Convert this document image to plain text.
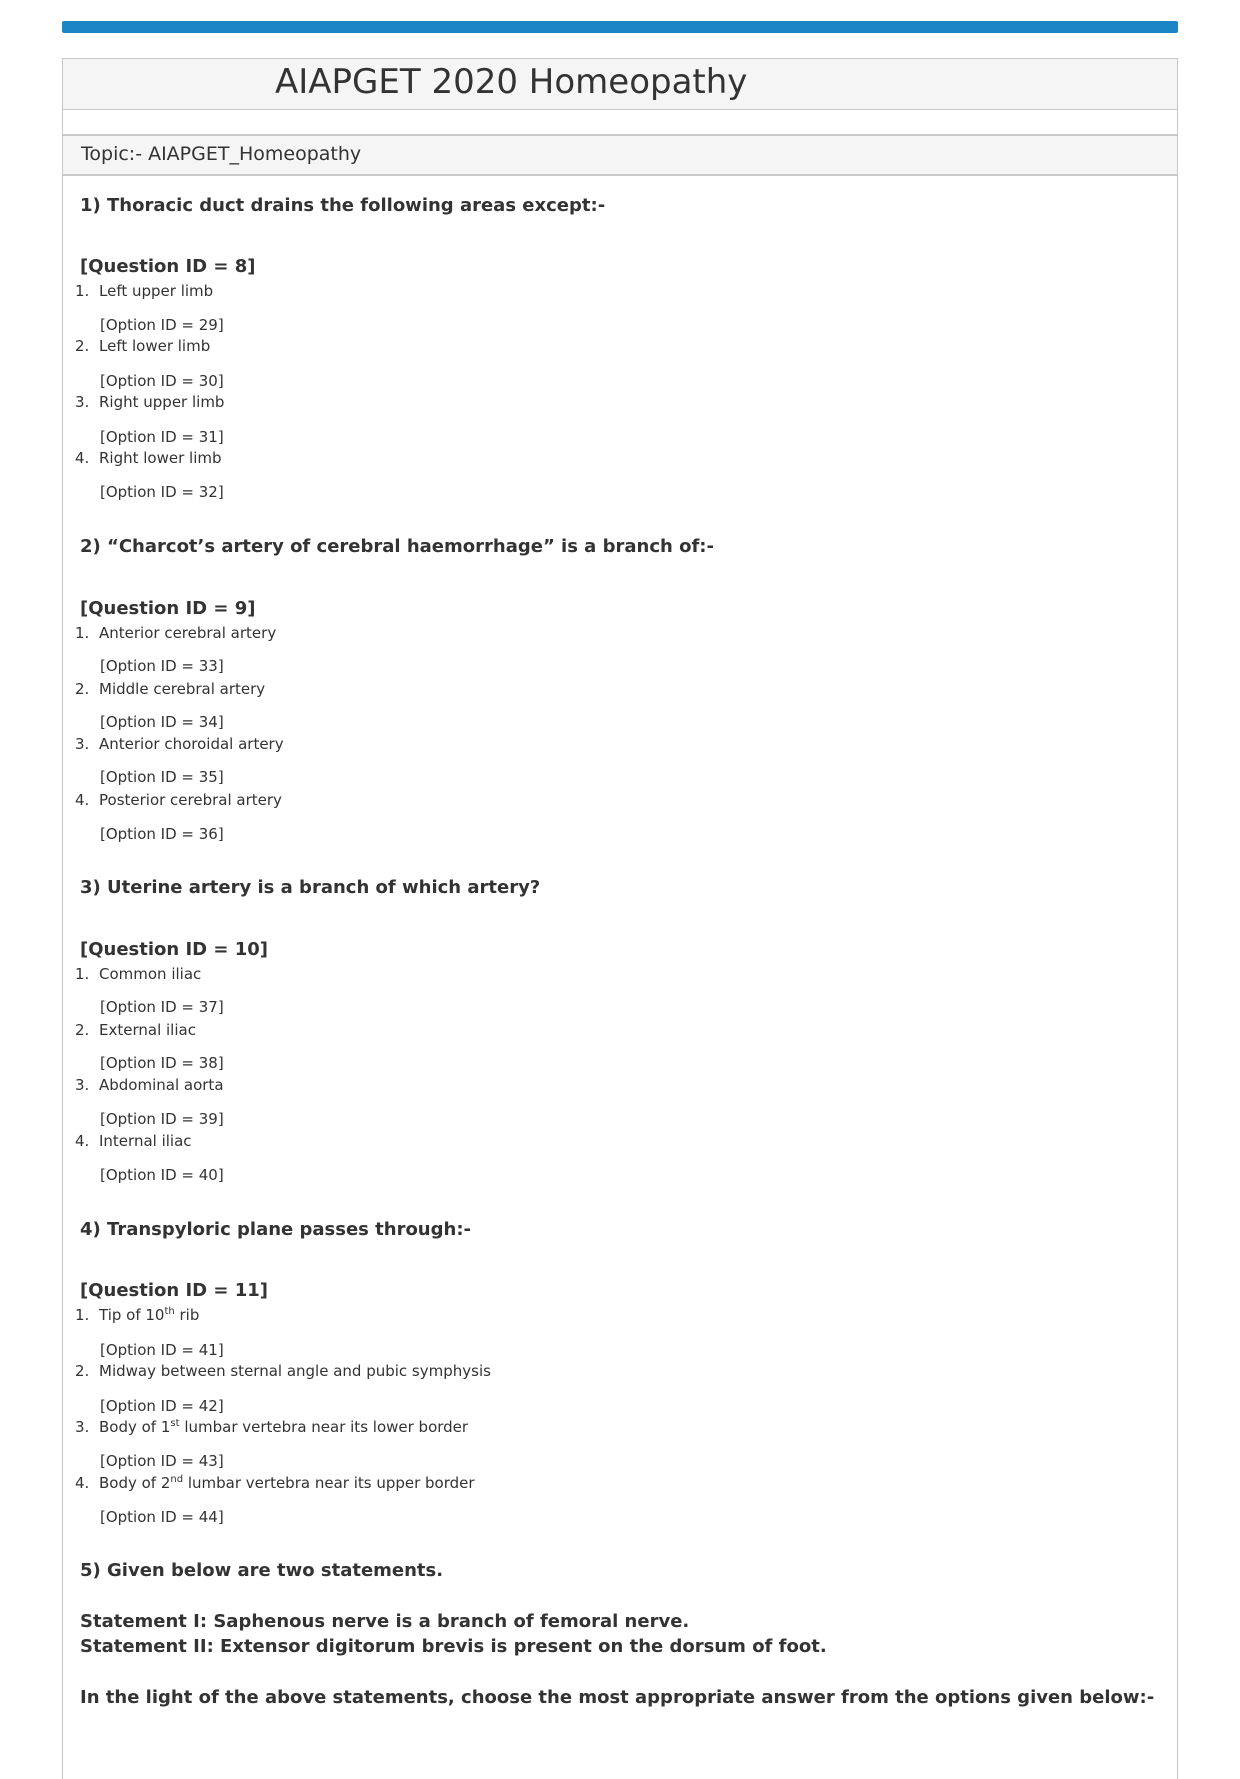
AIAPGET 2020 Homeopathy
Topic:- AIAPGET_Homeopathy
1) Thoracic duct drains the following areas except:-
[Question ID = 8]
1. Left upper limb
[Option ID = 29]
2. Left lower limb
[Option ID = 30]
3. Right upper limb
[Option ID = 31]
4. Right lower limb
[Option ID = 32]
2) “Charcot’s artery of cerebral haemorrhage” is a branch of:-
[Question ID = 9]
1. Anterior cerebral artery
[Option ID = 33]
2. Middle cerebral artery
[Option ID = 34]
3. Anterior choroidal artery
[Option ID = 35]
4. Posterior cerebral artery
[Option ID = 36]
3) Uterine artery is a branch of which artery?
[Question ID = 10]
1. Common iliac
[Option ID = 37]
2. External iliac
[Option ID = 38]
3. Abdominal aorta
[Option ID = 39]
4. Internal iliac
[Option ID = 40]
4) Transpyloric plane passes through:-
[Question ID = 11]
1. Tip of 10th rib
[Option ID = 41]
2. Midway between sternal angle and pubic symphysis
[Option ID = 42]
3. Body of 1st lumbar vertebra near its lower border
[Option ID = 43]
4. Body of 2nd lumbar vertebra near its upper border
[Option ID = 44]
5) Given below are two statements.
Statement I: Saphenous nerve is a branch of femoral nerve.
Statement II: Extensor digitorum brevis is present on the dorsum of foot.
In the light of the above statements, choose the most appropriate answer from the options given below:-
